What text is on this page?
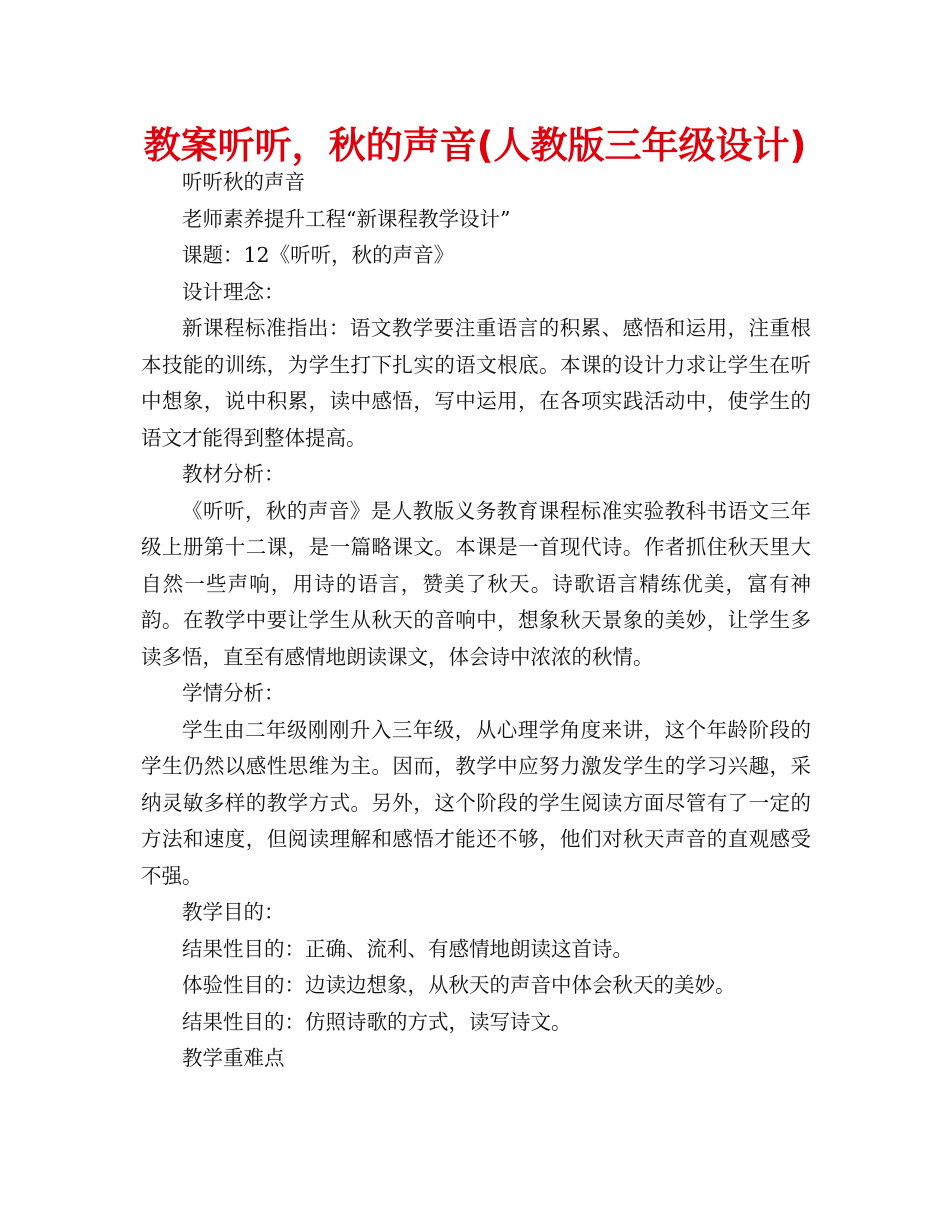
教案听听，秋的声音(人教版三年级设计)

听听秋的声音

老师素养提升工程“新课程教学设计”

课题：12《听听，秋的声音》

设计理念：

新课程标准指出：语文教学要注重语言的积累、感悟和运用，注重根本技能的训练，为学生打下扎实的语文根底。本课的设计力求让学生在听中想象，说中积累，读中感悟，写中运用，在各项实践活动中，使学生的语文才能得到整体提高。

教材分析：

《听听，秋的声音》是人教版义务教育课程标准实验教科书语文三年级上册第十二课，是一篇略课文。本课是一首现代诗。作者抓住秋天里大自然一些声响，用诗的语言，赞美了秋天。诗歌语言精练优美，富有神韵。在教学中要让学生从秋天的音响中，想象秋天景象的美妙，让学生多读多悟，直至有感情地朗读课文，体会诗中浓浓的秋情。

学情分析：

学生由二年级刚刚升入三年级，从心理学角度来讲，这个年龄阶段的学生仍然以感性思维为主。因而，教学中应努力激发学生的学习兴趣，采纳灵敏多样的教学方式。另外，这个阶段的学生阅读方面尽管有了一定的方法和速度，但阅读理解和感悟才能还不够，他们对秋天声音的直观感受不强。

教学目的：

结果性目的：正确、流利、有感情地朗读这首诗。

体验性目的：边读边想象，从秋天的声音中体会秋天的美妙。

结果性目的：仿照诗歌的方式，读写诗文。

教学重难点
